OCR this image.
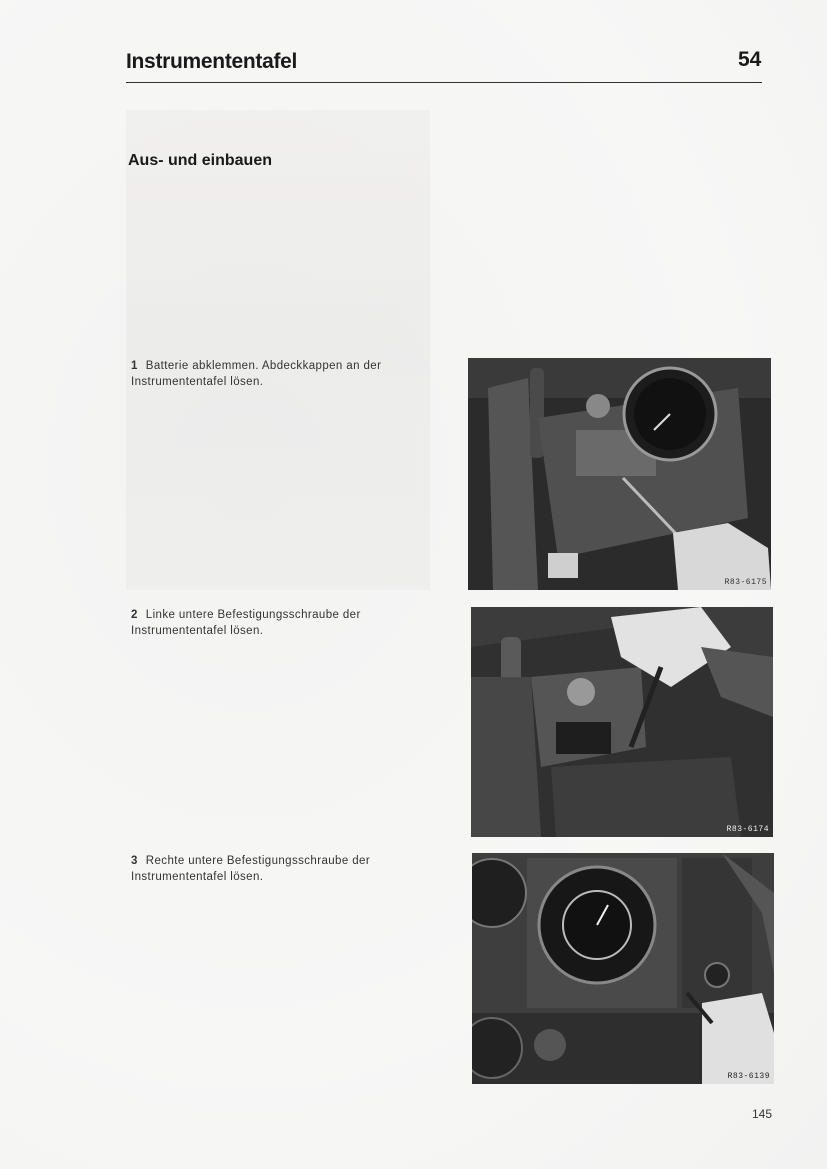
Instrumententafel	54
Aus- und einbauen
1 Batterie abklemmen. Abdeckkappen an der Instrumententafel lösen.
R83-6175
2 Linke untere Befestigungsschraube der Instrumententafel lösen.
R83-6174
3 Rechte untere Befestigungsschraube der Instrumententafel lösen.
R83-6139
145
